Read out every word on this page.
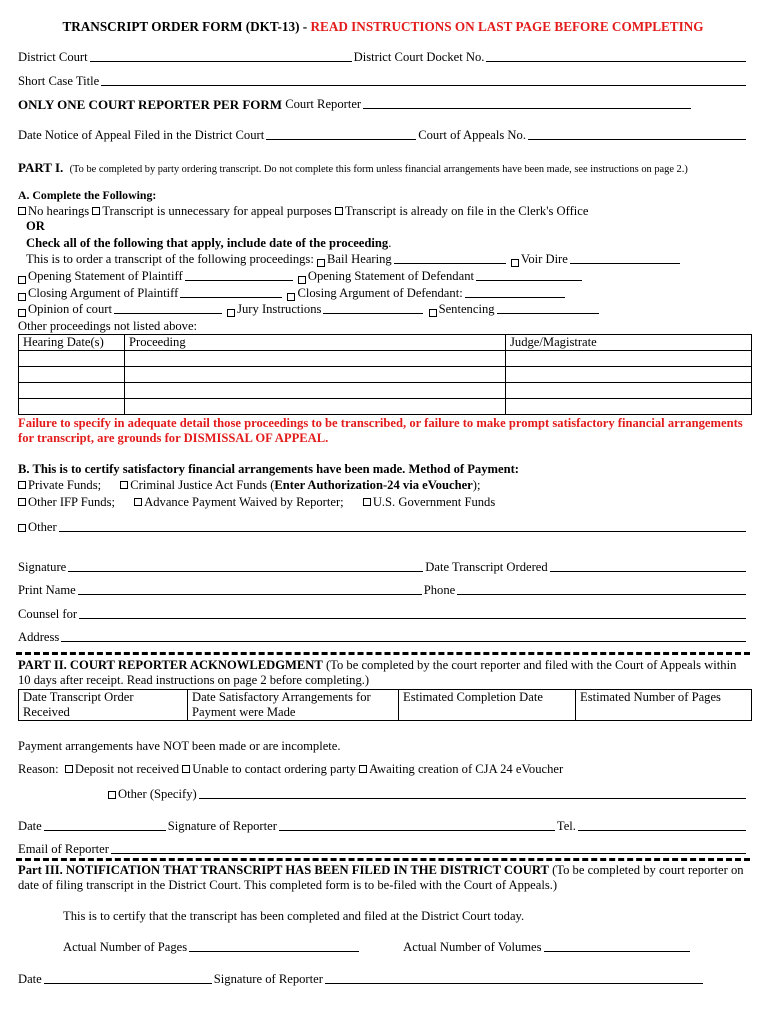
TRANSCRIPT ORDER FORM (DKT-13) - READ INSTRUCTIONS ON LAST PAGE BEFORE COMPLETING
District Court	District Court Docket No.
Short Case Title
ONLY ONE COURT REPORTER PER FORM
Court Reporter
Date Notice of Appeal Filed in the District Court	Court of Appeals No.
PART I. (To be completed by party ordering transcript. Do not complete this form unless financial arrangements have been made, see instructions on page 2.)
A. Complete the Following:
No hearings Transcript is unnecessary for appeal purposes Transcript is already on file in the Clerk's Office
OR
Check all of the following that apply, include date of the proceeding.
This is to order a transcript of the following proceedings:
Bail Hearing
	Voir Dire
Opening Statement of Plaintiff
	Opening Statement of Defendant
Closing Argument of Plaintiff
	Closing Argument of Defendant:
Opinion of court
	Jury Instructions
	Sentencing
Other proceedings not listed above:
Hearing Date(s)	Proceeding	Judge/Magistrate

Failure to specify in adequate detail those proceedings to be transcribed, or failure to make prompt satisfactory financial arrangements for transcript, are grounds for DISMISSAL OF APPEAL.
B. This is to certify satisfactory financial arrangements have been made. Method of Payment:
Private Funds; Criminal Justice Act Funds (Enter Authorization-24 via eVoucher);
Other IFP Funds; Advance Payment Waived by Reporter; U.S. Government Funds
Other
Signature	Date Transcript Ordered
Print Name	Phone
Counsel for
Address
PART II. COURT REPORTER ACKNOWLEDGMENT (To be completed by the court reporter and filed with the Court of Appeals within 10 days after receipt. Read instructions on page 2 before completing.)
Date Transcript Order Received	Date Satisfactory Arrangements for Payment were Made	Estimated Completion Date	Estimated Number of Pages
Payment arrangements have NOT been made or are incomplete.
Reason: Deposit not received Unable to contact ordering party Awaiting creation of CJA 24 eVoucher
Other (Specify)
Date	Signature of Reporter	Tel.
Email of Reporter
Part III. NOTIFICATION THAT TRANSCRIPT HAS BEEN FILED IN THE DISTRICT COURT (To be completed by court reporter on date of filing transcript in the District Court. This completed form is to be-filed with the Court of Appeals.)
This is to certify that the transcript has been completed and filed at the District Court today.
Actual Number of Pages	Actual Number of Volumes
Date	Signature of Reporter
